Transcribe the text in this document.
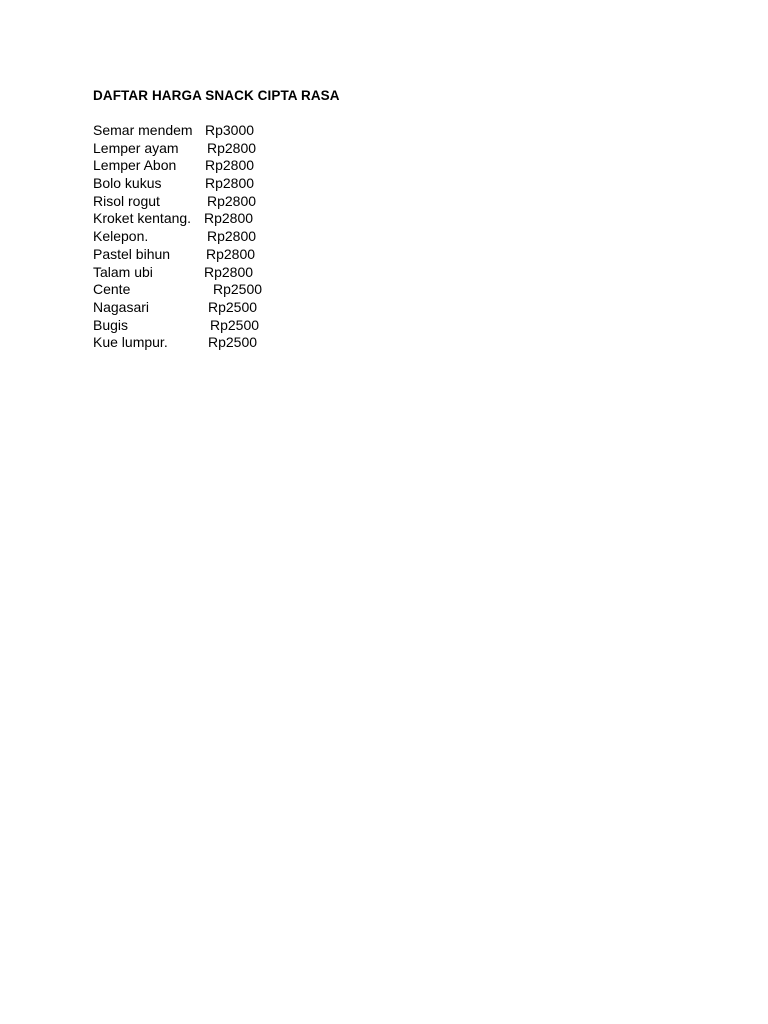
DAFTAR HARGA SNACK CIPTA RASA
Semar mendem Rp3000
Lemper ayam Rp2800
Lemper Abon Rp2800
Bolo kukus	Rp2800
Risol rogut	Rp2800
Kroket kentang. Rp2800
Kelepon.	Rp2800
Pastel bihun	Rp2800
Talam ubi	Rp2800
Cente	Rp2500
Nagasari	Rp2500
Bugis	Rp2500
Kue lumpur.	Rp2500
